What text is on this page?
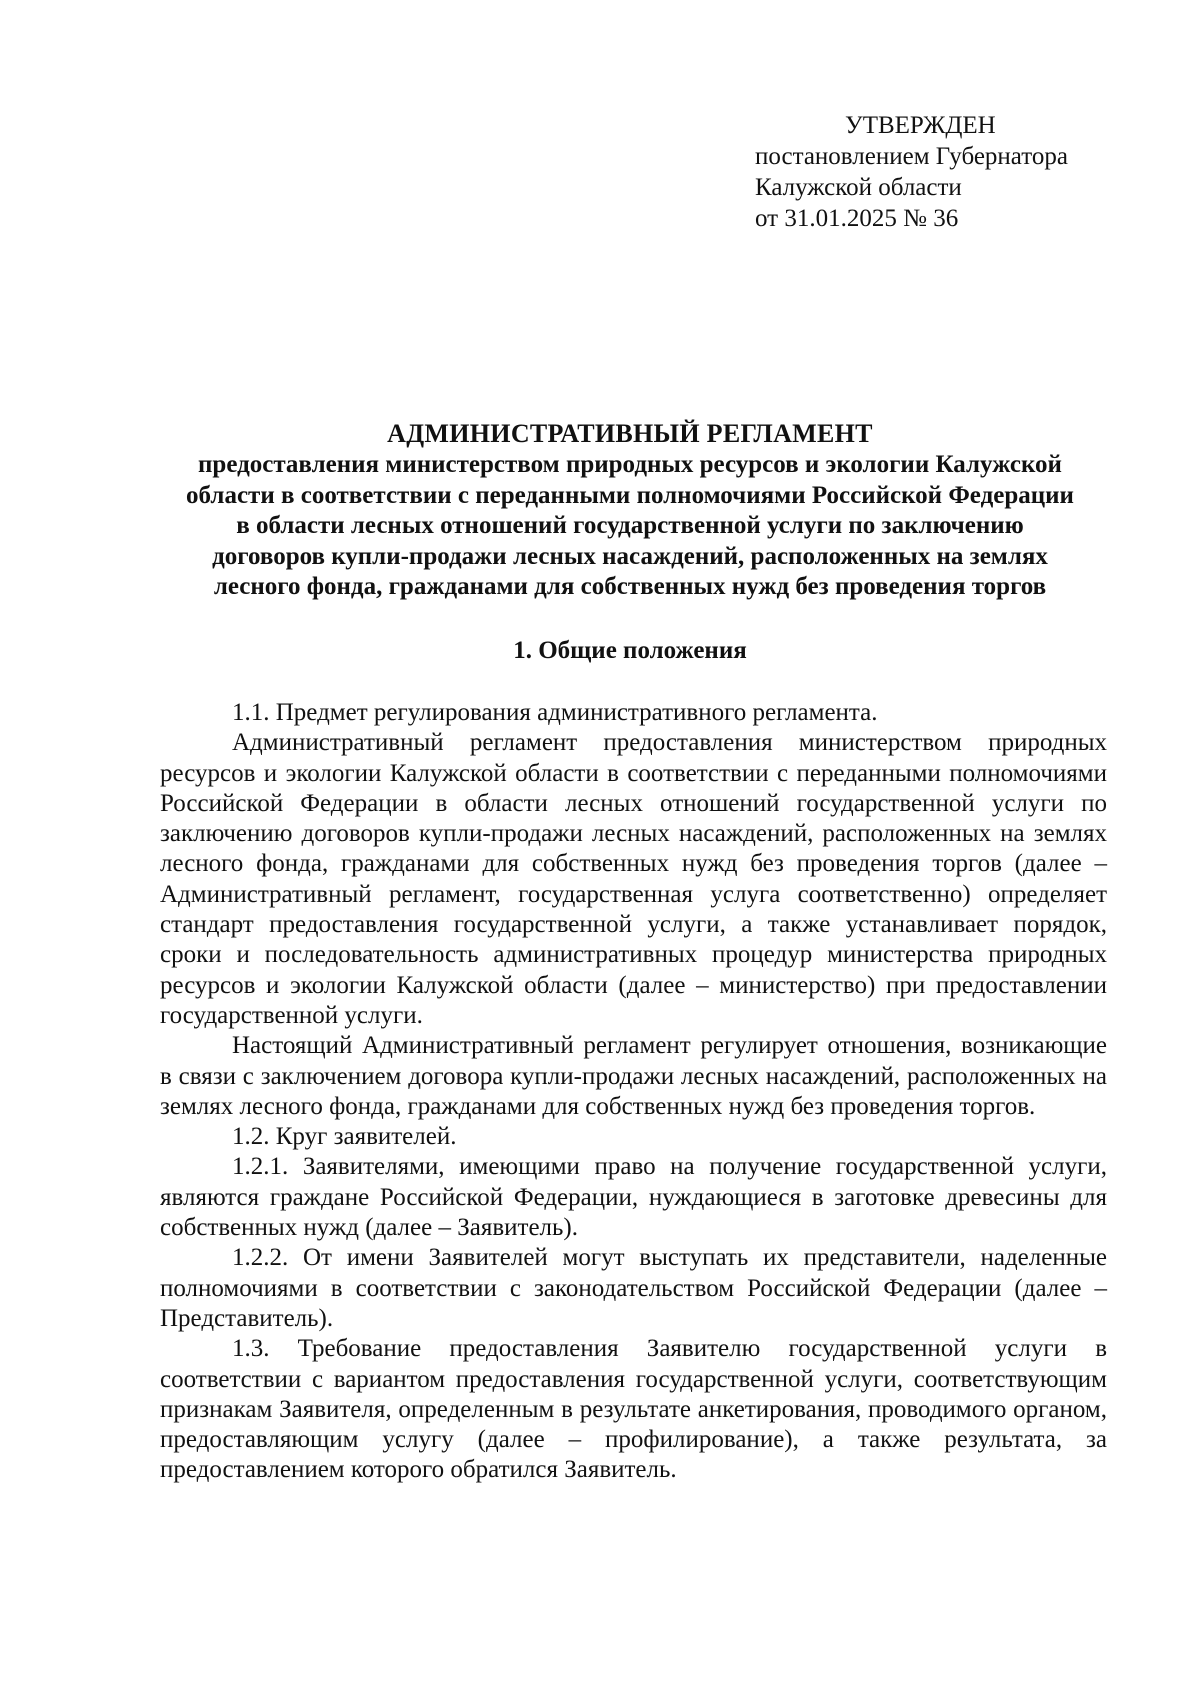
УТВЕРЖДЕН
постановлением Губернатора
Калужской области
от 31.01.2025 № 36
АДМИНИСТРАТИВНЫЙ РЕГЛАМЕНТ
предоставления министерством природных ресурсов и экологии Калужской
области в соответствии с переданными полномочиями Российской Федерации
в области лесных отношений государственной услуги по заключению
договоров купли-продажи лесных насаждений, расположенных на землях
лесного фонда, гражданами для собственных нужд без проведения торгов
1. Общие положения

1.1. Предмет регулирования административного регламента.

Административный регламент предоставления министерством природных ресурсов и экологии Калужской области в соответствии с переданными полномочиями Российской Федерации в области лесных отношений государственной услуги по заключению договоров купли-продажи лесных насаждений, расположенных на землях лесного фонда, гражданами для собственных нужд без проведения торгов (далее – Административный регламент, государственная услуга соответственно) определяет стандарт предоставления государственной услуги, а также устанавливает порядок, сроки и последовательность административных процедур министерства природных ресурсов и экологии Калужской области (далее – министерство) при предоставлении государственной услуги.

Настоящий Административный регламент регулирует отношения, возникающие в связи с заключением договора купли-продажи лесных насаждений, расположенных на землях лесного фонда, гражданами для собственных нужд без проведения торгов.

1.2. Круг заявителей.

1.2.1. Заявителями, имеющими право на получение государственной услуги, являются граждане Российской Федерации, нуждающиеся в заготовке древесины для собственных нужд (далее – Заявитель).

1.2.2. От имени Заявителей могут выступать их представители, наделенные полномочиями в соответствии с законодательством Российской Федерации (далее – Представитель).

1.3. Требование предоставления Заявителю государственной услуги в соответствии с вариантом предоставления государственной услуги, соответствующим признакам Заявителя, определенным в результате анкетирования, проводимого органом, предоставляющим услугу (далее – профилирование), а также результата, за предоставлением которого обратился Заявитель.
